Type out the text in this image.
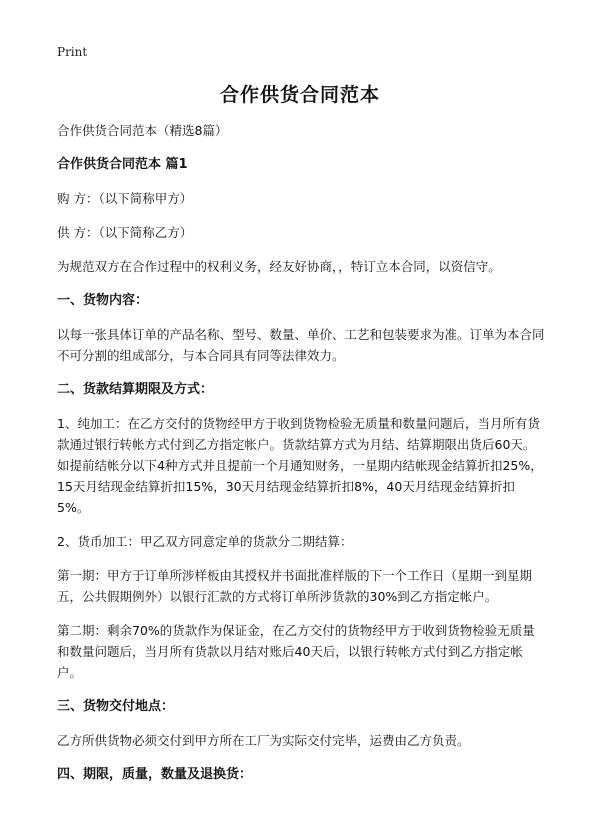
Print
合作供货合同范本

合作供货合同范本（精选8篇）

合作供货合同范本 篇1

购 方：（以下简称甲方）

供 方：（以下简称乙方）

为规范双方在合作过程中的权利义务，经友好协商，，特订立本合同，以资信守。

一、货物内容：

以每一张具体订单的产品名称、型号、数量、单价、工艺和包装要求为准。订单为本合同不可分割的组成部分，与本合同具有同等法律效力。

二、货款结算期限及方式：

1、纯加工：在乙方交付的货物经甲方于收到货物检验无质量和数量问题后，当月所有货款通过银行转帐方式付到乙方指定帐户。货款结算方式为月结、结算期限出货后60天。如提前结帐分以下4种方式并且提前一个月通知财务，一星期内结帐现金结算折扣25%，15天月结现金结算折扣15%，30天月结现金结算折扣8%，40天月结现金结算折扣5%。

2、货币加工：甲乙双方同意定单的货款分二期结算：

第一期：甲方于订单所涉样板由其授权并书面批准样版的下一个工作日（星期一到星期五，公共假期例外）以银行汇款的方式将订单所涉货款的30%到乙方指定帐户。

第二期：剩余70%的货款作为保证金，在乙方交付的货物经甲方于收到货物检验无质量和数量问题后，当月所有货款以月结对账后40天后，以银行转帐方式付到乙方指定帐户。

三、货物交付地点：

乙方所供货物必须交付到甲方所在工厂为实际交付完毕，运费由乙方负责。

四、期限，质量，数量及退换货：
